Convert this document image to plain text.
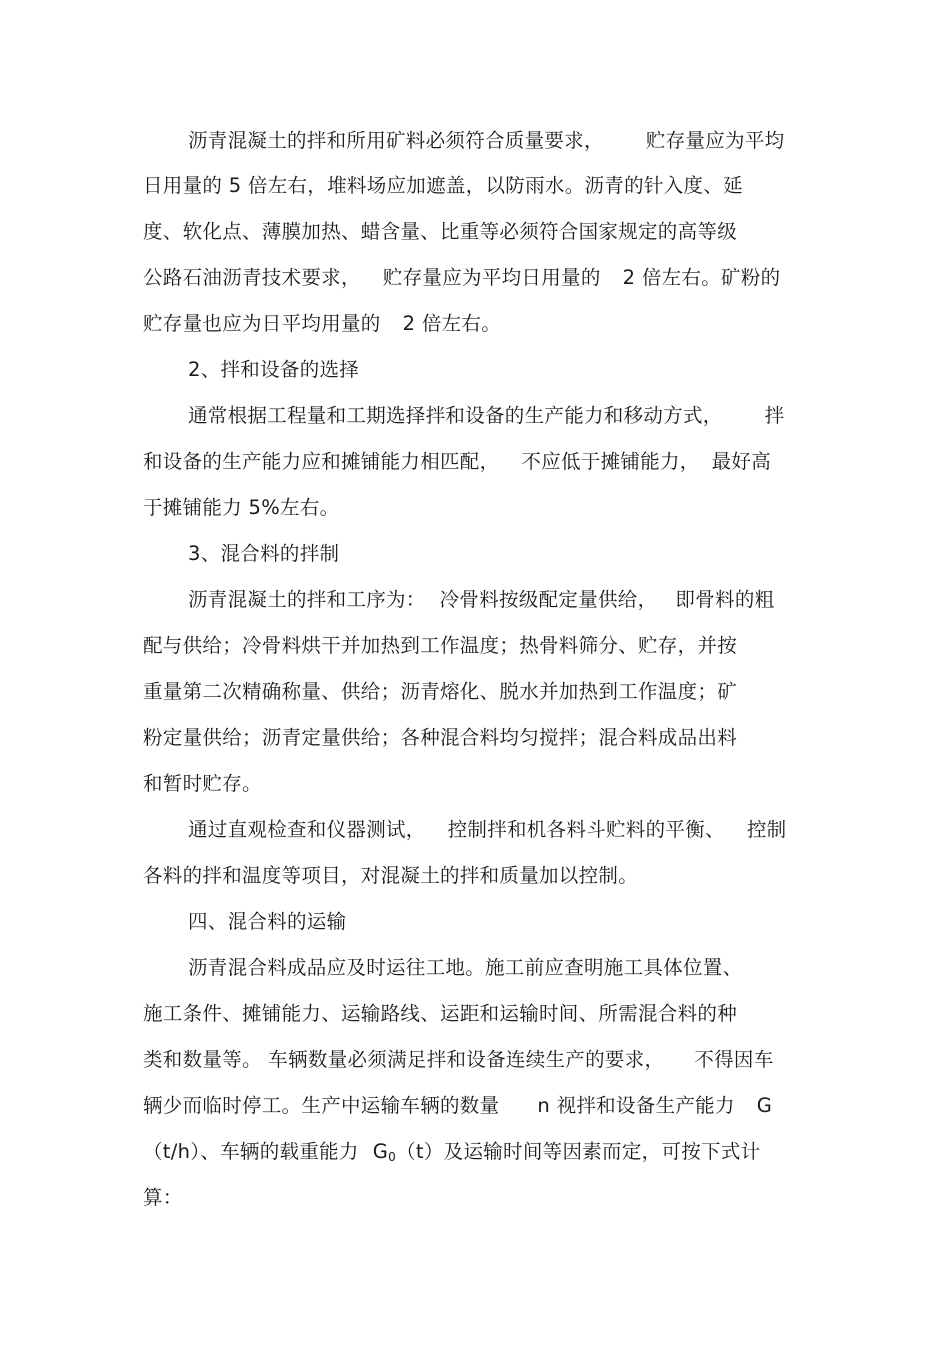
沥青混凝土的拌和所用矿料必须符合质量要求， 贮存量应为平均
日用量的 5 倍左右，堆料场应加遮盖，以防雨水。沥青的针入度、延
度、软化点、薄膜加热、蜡含量、比重等必须符合国家规定的高等级
公路石油沥青技术要求， 贮存量应为平均日用量的 2 倍左右。矿粉的
贮存量也应为日平均用量的 2 倍左右。
2、拌和设备的选择
通常根据工程量和工期选择拌和设备的生产能力和移动方式， 拌
和设备的生产能力应和摊铺能力相匹配， 不应低于摊铺能力， 最好高
于摊铺能力 5%左右。
3、混合料的拌制
沥青混凝土的拌和工序为： 冷骨料按级配定量供给， 即骨料的粗
配与供给；冷骨料烘干并加热到工作温度；热骨料筛分、贮存，并按
重量第二次精确称量、供给；沥青熔化、脱水并加热到工作温度；矿
粉定量供给；沥青定量供给；各种混合料均匀搅拌；混合料成品出料
和暂时贮存。
通过直观检查和仪器测试， 控制拌和机各料斗贮料的平衡、 控制
各料的拌和温度等项目，对混凝土的拌和质量加以控制。
四、混合料的运输
沥青混合料成品应及时运往工地。施工前应查明施工具体位置、
施工条件、摊铺能力、运输路线、运距和运输时间、所需混合料的种
类和数量等。 车辆数量必须满足拌和设备连续生产的要求， 不得因车
辆少而临时停工。生产中运输车辆的数量 n 视拌和设备生产能力 G
（t/h）、车辆的载重能力 $G_0(t)$及运输时间等因素而定，可按下式计
算：
